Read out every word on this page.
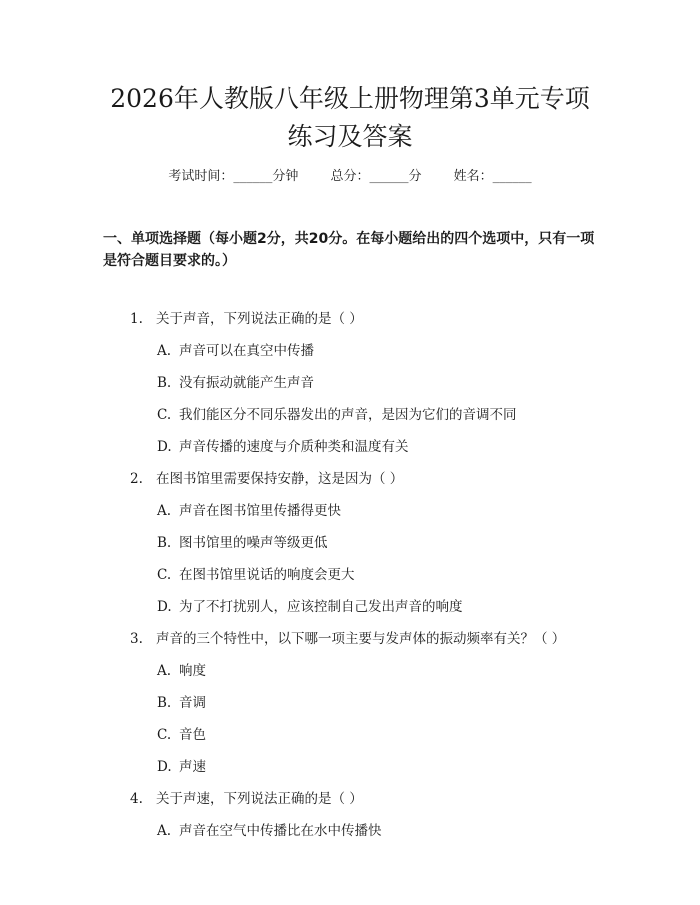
2026年人教版八年级上册物理第3单元专项
练习及答案
考试时间：______分钟 总分：______分 姓名：______
一、单项选择题（每小题2分，共20分。在每小题给出的四个选项中，只有一项是符合题目要求的。）
1. 关于声音，下列说法正确的是（ ）
A. 声音可以在真空中传播
B. 没有振动就能产生声音
C. 我们能区分不同乐器发出的声音，是因为它们的音调不同
D. 声音传播的速度与介质种类和温度有关
2. 在图书馆里需要保持安静，这是因为（ ）
A. 声音在图书馆里传播得更快
B. 图书馆里的噪声等级更低
C. 在图书馆里说话的响度会更大
D. 为了不打扰别人，应该控制自己发出声音的响度
3. 声音的三个特性中，以下哪一项主要与发声体的振动频率有关？（ ）
A. 响度
B. 音调
C. 音色
D. 声速
4. 关于声速，下列说法正确的是（ ）
A. 声音在空气中传播比在水中传播快
